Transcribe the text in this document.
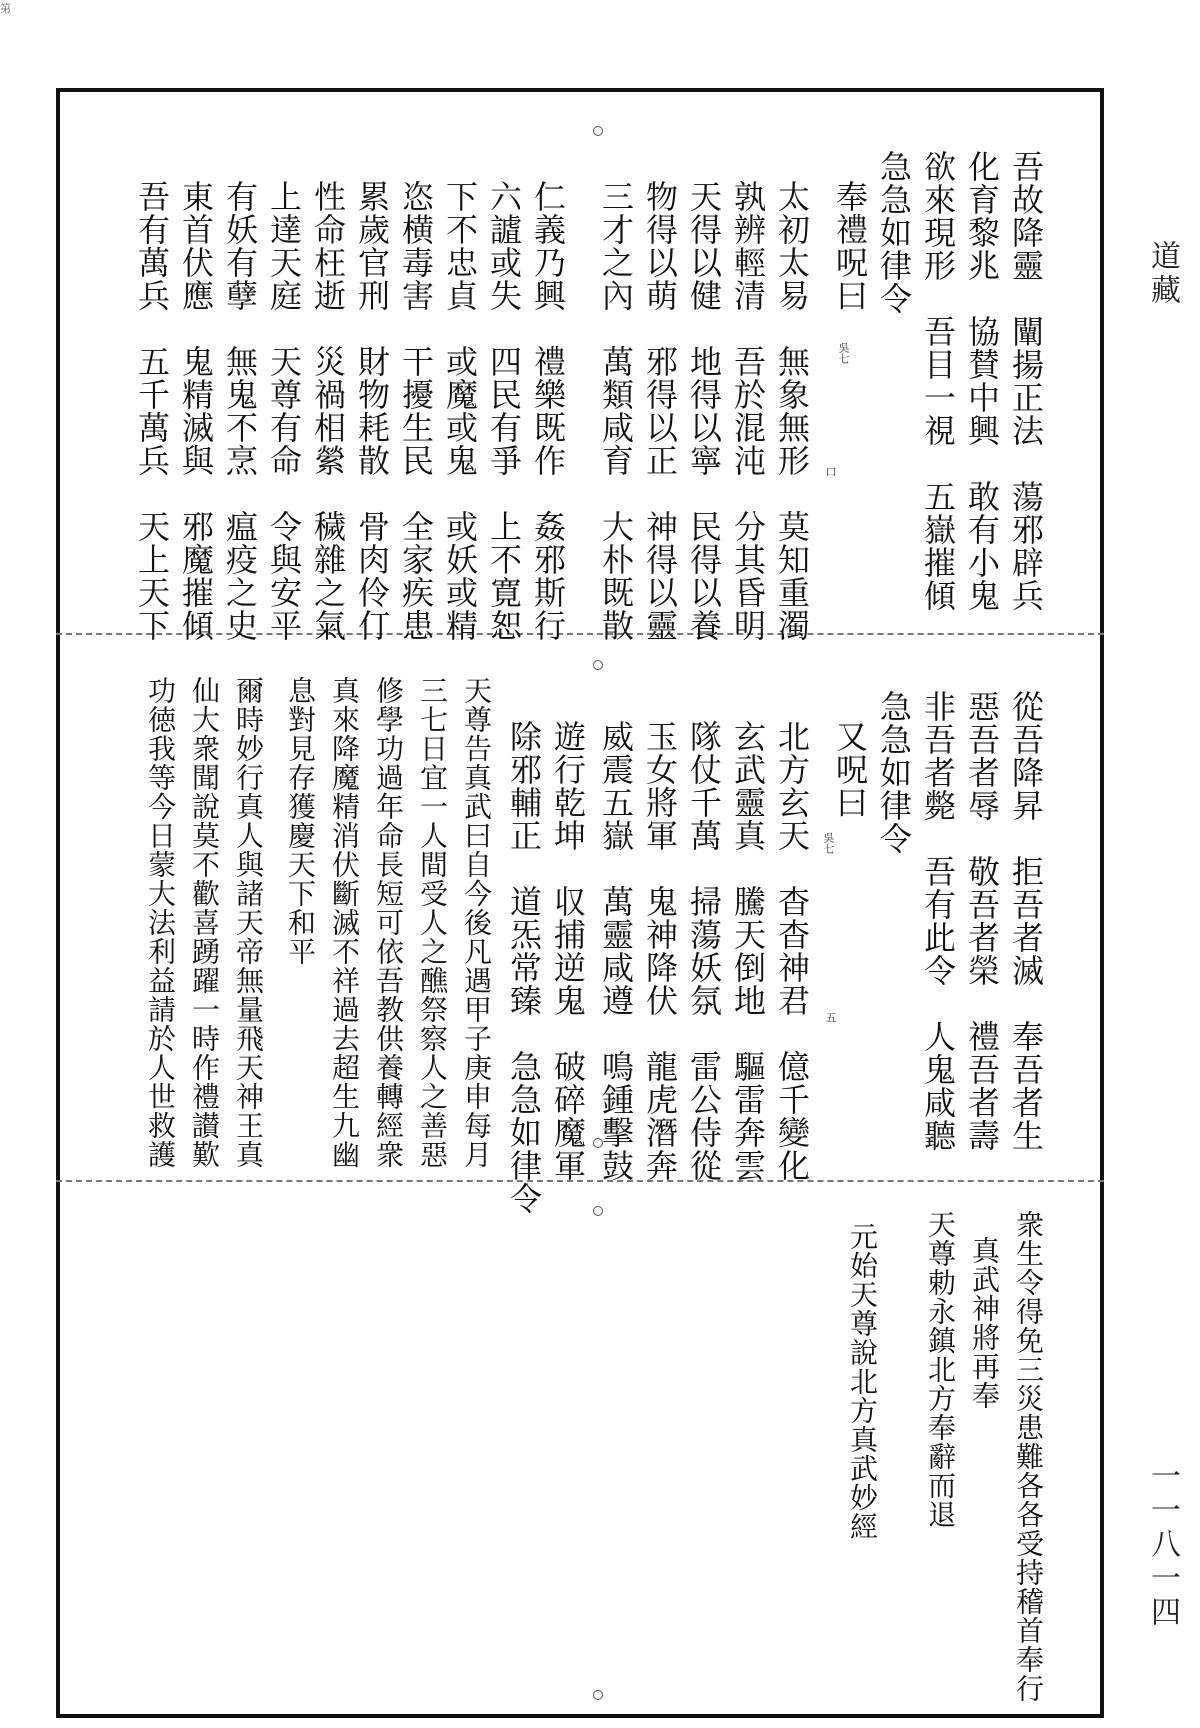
第
道藏
一一八一四
吾故降靈　闡揚正法　蕩邪辟兵
化育黎兆　協賛中興　敢有小鬼
欲來現形　吾目一視　五嶽摧傾
急急如律令
奉禮呪曰
吳七
口
太初太易　無象無形　莫知重濁
孰辨輕清　吾於混沌　分其昏明
天得以健　地得以寧　民得以養
物得以萌　邪得以正　神得以靈
三才之內　萬類咸育　大朴既散
仁義乃興　禮樂既作　姦邪斯行
六謯或失　四民有爭　上不寛恕
下不忠貞　或魔或鬼　或妖或精
恣横毒害　干擾生民　全家疾患
累歲官刑　財物耗散　骨肉伶仃
性命枉逝　災禍相縈　穢雜之氣
上達天庭　天尊有命　令與安平
有妖有孽　無鬼不烹　瘟疫之史
東首伏應　鬼精滅與　邪魔摧傾
吾有萬兵　五千萬兵　天上天下
從吾降昇　拒吾者滅　奉吾者生
惡吾者辱　敬吾者榮　禮吾者壽
非吾者斃　吾有此令　人鬼咸聽
急急如律令
又呪曰
吳七
五
北方玄天　杳杳神君　億千變化
玄武靈真　騰天倒地　驅雷奔雲
隊仗千萬　掃蕩妖氛　雷公侍從
玉女將軍　鬼神降伏　龍虎潛奔
威震五嶽　萬靈咸遵　鳴鍾擊鼓
遊行乾坤　収捕逆鬼　破碎魔軍
除邪輔正　道炁常臻　急急如律令
天尊告真武曰自今後凡遇甲子庚申每月
三七日宜一人間受人之醮祭察人之善惡
修學功過年命長短可依吾教供養轉經衆
真來降魔精消伏斷滅不祥過去超生九幽
息對見存獲慶天下和平
爾時妙行真人與諸天帝無量飛天神王真
仙大衆聞說莫不歡喜踴躍一時作禮讃歎
功徳我等今日蒙大法利益請於人世救護
衆生令得免三災患難各各受持稽首奉行
真武神將再奉
天尊勅永鎮北方奉辭而退
元始天尊說北方真武妙經
